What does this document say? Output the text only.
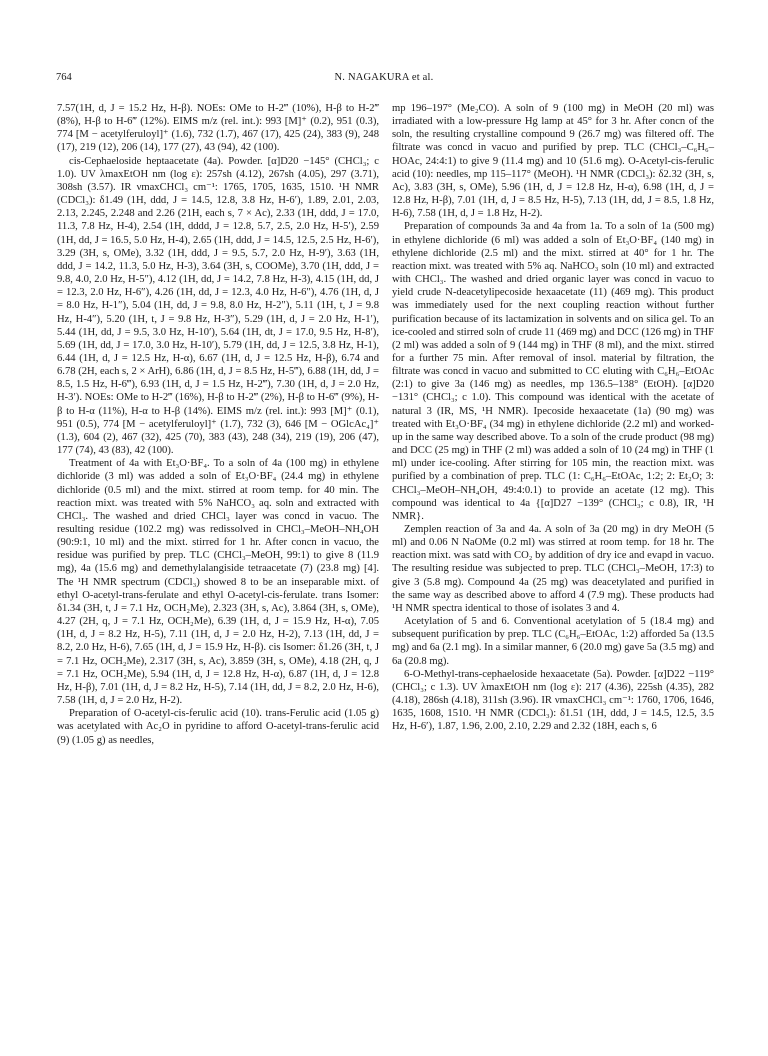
764	N. NAGAKURA et al.

7.57(1H, d, J = 15.2 Hz, H-β). NOEs: OMe to H-2‴ (10%), H-β to H-2‴ (8%), H-β to H-6‴ (12%). EIMS m/z (rel. int.): 993 [M]⁺ (0.2), 951 (0.3), 774 [M − acetylferuloyl]⁺ (1.6), 732 (1.7), 467 (17), 425 (24), 383 (9), 248 (17), 219 (12), 206 (14), 177 (27), 43 (94), 42 (100).

cis-Cephaeloside heptaacetate (4a). Powder. [α]D20 −145° (CHCl₃; c 1.0). UV λmaxEtOH nm (log ε): 257sh (4.12), 267sh (4.05), 297 (3.71), 308sh (3.57). IR νmaxCHCl₃ cm⁻¹: 1765, 1705, 1635, 1510. ¹H NMR (CDCl₃): δ1.49 (1H, ddd, J = 14.5, 12.8, 3.8 Hz, H-6′), 1.89, 2.01, 2.03, 2.13, 2.245, 2.248 and 2.26 (21H, each s, 7 × Ac), 2.33 (1H, ddd, J = 17.0, 11.3, 7.8 Hz, H-4), 2.54 (1H, dddd, J = 12.8, 5.7, 2.5, 2.0 Hz, H-5′), 2.59 (1H, dd, J = 16.5, 5.0 Hz, H-4), 2.65 (1H, ddd, J = 14.5, 12.5, 2.5 Hz, H-6′), 3.29 (3H, s, OMe), 3.32 (1H, ddd, J = 9.5, 5.7, 2.0 Hz, H-9′), 3.63 (1H, ddd, J = 14.2, 11.3, 5.0 Hz, H-3), 3.64 (3H, s, COOMe), 3.70 (1H, ddd, J = 9.8, 4.0, 2.0 Hz, H-5″), 4.12 (1H, dd, J = 14.2, 7.8 Hz, H-3), 4.15 (1H, dd, J = 12.3, 2.0 Hz, H-6″), 4.26 (1H, dd, J = 12.3, 4.0 Hz, H-6″), 4.76 (1H, d, J = 8.0 Hz, H-1″), 5.04 (1H, dd, J = 9.8, 8.0 Hz, H-2″), 5.11 (1H, t, J = 9.8 Hz, H-4″), 5.20 (1H, t, J = 9.8 Hz, H-3″), 5.29 (1H, d, J = 2.0 Hz, H-1′), 5.44 (1H, dd, J = 9.5, 3.0 Hz, H-10′), 5.64 (1H, dt, J = 17.0, 9.5 Hz, H-8′), 5.69 (1H, dd, J = 17.0, 3.0 Hz, H-10′), 5.79 (1H, dd, J = 12.5, 3.8 Hz, H-1), 6.44 (1H, d, J = 12.5 Hz, H-α), 6.67 (1H, d, J = 12.5 Hz, H-β), 6.74 and 6.78 (2H, each s, 2 × ArH), 6.86 (1H, d, J = 8.5 Hz, H-5‴), 6.88 (1H, dd, J = 8.5, 1.5 Hz, H-6‴), 6.93 (1H, d, J = 1.5 Hz, H-2‴), 7.30 (1H, d, J = 2.0 Hz, H-3′). NOEs: OMe to H-2‴ (16%), H-β to H-2‴ (2%), H-β to H-6‴ (9%), H-β to H-α (11%), H-α to H-β (14%). EIMS m/z (rel. int.): 993 [M]⁺ (0.1), 951 (0.5), 774 [M − acetylferuloyl]⁺ (1.7), 732 (3), 646 [M − OGlcAc₄]⁺ (1.3), 604 (2), 467 (32), 425 (70), 383 (43), 248 (34), 219 (19), 206 (47), 177 (74), 43 (83), 42 (100).

Treatment of 4a with Et₃O·BF₄. To a soln of 4a (100 mg) in ethylene dichloride (3 ml) was added a soln of Et₃O·BF₄ (24.4 mg) in ethylene dichloride (0.5 ml) and the mixt. stirred at room temp. for 40 min. The reaction mixt. was treated with 5% NaHCO₃ aq. soln and extracted with CHCl₃. The washed and dried CHCl₃ layer was concd in vacuo. The resulting residue (102.2 mg) was redissolved in CHCl₃–MeOH–NH₄OH (90:9:1, 10 ml) and the mixt. stirred for 1 hr. After concn in vacuo, the residue was purified by prep. TLC (CHCl₃–MeOH, 99:1) to give 8 (11.9 mg), 4a (15.6 mg) and demethylalangiside tetraacetate (7) (23.8 mg) [4]. The ¹H NMR spectrum (CDCl₃) showed 8 to be an inseparable mixt. of ethyl O-acetyl-trans-ferulate and ethyl O-acetyl-cis-ferulate. trans Isomer: δ1.34 (3H, t, J = 7.1 Hz, OCH₂Me), 2.323 (3H, s, Ac), 3.864 (3H, s, OMe), 4.27 (2H, q, J = 7.1 Hz, OCH₂Me), 6.39 (1H, d, J = 15.9 Hz, H-α), 7.05 (1H, d, J = 8.2 Hz, H-5), 7.11 (1H, d, J = 2.0 Hz, H-2), 7.13 (1H, dd, J = 8.2, 2.0 Hz, H-6), 7.65 (1H, d, J = 15.9 Hz, H-β). cis Isomer: δ1.26 (3H, t, J = 7.1 Hz, OCH₂Me), 2.317 (3H, s, Ac), 3.859 (3H, s, OMe), 4.18 (2H, q, J = 7.1 Hz, OCH₂Me), 5.94 (1H, d, J = 12.8 Hz, H-α), 6.87 (1H, d, J = 12.8 Hz, H-β), 7.01 (1H, d, J = 8.2 Hz, H-5), 7.14 (1H, dd, J = 8.2, 2.0 Hz, H-6), 7.58 (1H, d, J = 2.0 Hz, H-2).

Preparation of O-acetyl-cis-ferulic acid (10). trans-Ferulic acid (1.05 g) was acetylated with Ac₂O in pyridine to afford O-acetyl-trans-ferulic acid (9) (1.05 g) as needles,

mp 196–197° (Me₂CO). A soln of 9 (100 mg) in MeOH (20 ml) was irradiated with a low-pressure Hg lamp at 45° for 3 hr. After concn of the soln, the resulting crystalline compound 9 (26.7 mg) was filtered off. The filtrate was concd in vacuo and purified by prep. TLC (CHCl₃–C₆H₆–HOAc, 24:4:1) to give 9 (11.4 mg) and 10 (51.6 mg). O-Acetyl-cis-ferulic acid (10): needles, mp 115–117° (MeOH). ¹H NMR (CDCl₃): δ2.32 (3H, s, Ac), 3.83 (3H, s, OMe), 5.96 (1H, d, J = 12.8 Hz, H-α), 6.98 (1H, d, J = 12.8 Hz, H-β), 7.01 (1H, d, J = 8.5 Hz, H-5), 7.13 (1H, dd, J = 8.5, 1.8 Hz, H-6), 7.58 (1H, d, J = 1.8 Hz, H-2).

Preparation of compounds 3a and 4a from 1a. To a soln of 1a (500 mg) in ethylene dichloride (6 ml) was added a soln of Et₃O·BF₄ (140 mg) in ethylene dichloride (2.5 ml) and the mixt. stirred at 40° for 1 hr. The reaction mixt. was treated with 5% aq. NaHCO₃ soln (10 ml) and extracted with CHCl₃. The washed and dried organic layer was concd in vacuo to yield crude N-deacetylipecoside hexaacetate (11) (469 mg). This product was immediately used for the next coupling reaction without further purification because of its lactamization in solvents and on silica gel. To an ice-cooled and stirred soln of crude 11 (469 mg) and DCC (126 mg) in THF (2 ml) was added a soln of 9 (144 mg) in THF (8 ml), and the mixt. stirred for a further 75 min. After removal of insol. material by filtration, the filtrate was concd in vacuo and submitted to CC eluting with C₆H₆–EtOAc (2:1) to give 3a (146 mg) as needles, mp 136.5–138° (EtOH). [α]D20 −131° (CHCl₃; c 1.0). This compound was identical with the acetate of natural 3 (IR, MS, ¹H NMR). Ipecoside hexaacetate (1a) (90 mg) was treated with Et₃O·BF₄ (34 mg) in ethylene dichloride (2.2 ml) and worked-up in the same way described above. To a soln of the crude product (98 mg) and DCC (25 mg) in THF (2 ml) was added a soln of 10 (24 mg) in THF (1 ml) under ice-cooling. After stirring for 105 min, the reaction mixt. was purified by a combination of prep. TLC (1: C₆H₆–EtOAc, 1:2; 2: Et₂O; 3: CHCl₃–MeOH–NH₄OH, 49:4:0.1) to provide an acetate (12 mg). This compound was identical to 4a {[α]D27 −139° (CHCl₃; c 0.8), IR, ¹H NMR}.

Zemplen reaction of 3a and 4a. A soln of 3a (20 mg) in dry MeOH (5 ml) and 0.06 N NaOMe (0.2 ml) was stirred at room temp. for 18 hr. The reaction mixt. was satd with CO₂ by addition of dry ice and evapd in vacuo. The resulting residue was subjected to prep. TLC (CHCl₃–MeOH, 17:3) to give 3 (5.8 mg). Compound 4a (25 mg) was deacetylated and purified in the same way as described above to afford 4 (7.9 mg). These products had ¹H NMR spectra identical to those of isolates 3 and 4.

Acetylation of 5 and 6. Conventional acetylation of 5 (18.4 mg) and subsequent purification by prep. TLC (C₆H₆–EtOAc, 1:2) afforded 5a (13.5 mg) and 6a (2.1 mg). In a similar manner, 6 (20.0 mg) gave 5a (3.5 mg) and 6a (20.8 mg).

6-O-Methyl-trans-cephaeloside hexaacetate (5a). Powder. [α]D22 −119° (CHCl₃; c 1.3). UV λmaxEtOH nm (log ε): 217 (4.36), 225sh (4.35), 282 (4.18), 286sh (4.18), 311sh (3.96). IR νmaxCHCl₃ cm⁻¹: 1760, 1706, 1646, 1635, 1608, 1510. ¹H NMR (CDCl₃): δ1.51 (1H, ddd, J = 14.5, 12.5, 3.5 Hz, H-6′), 1.87, 1.96, 2.00, 2.10, 2.29 and 2.32 (18H, each s, 6
